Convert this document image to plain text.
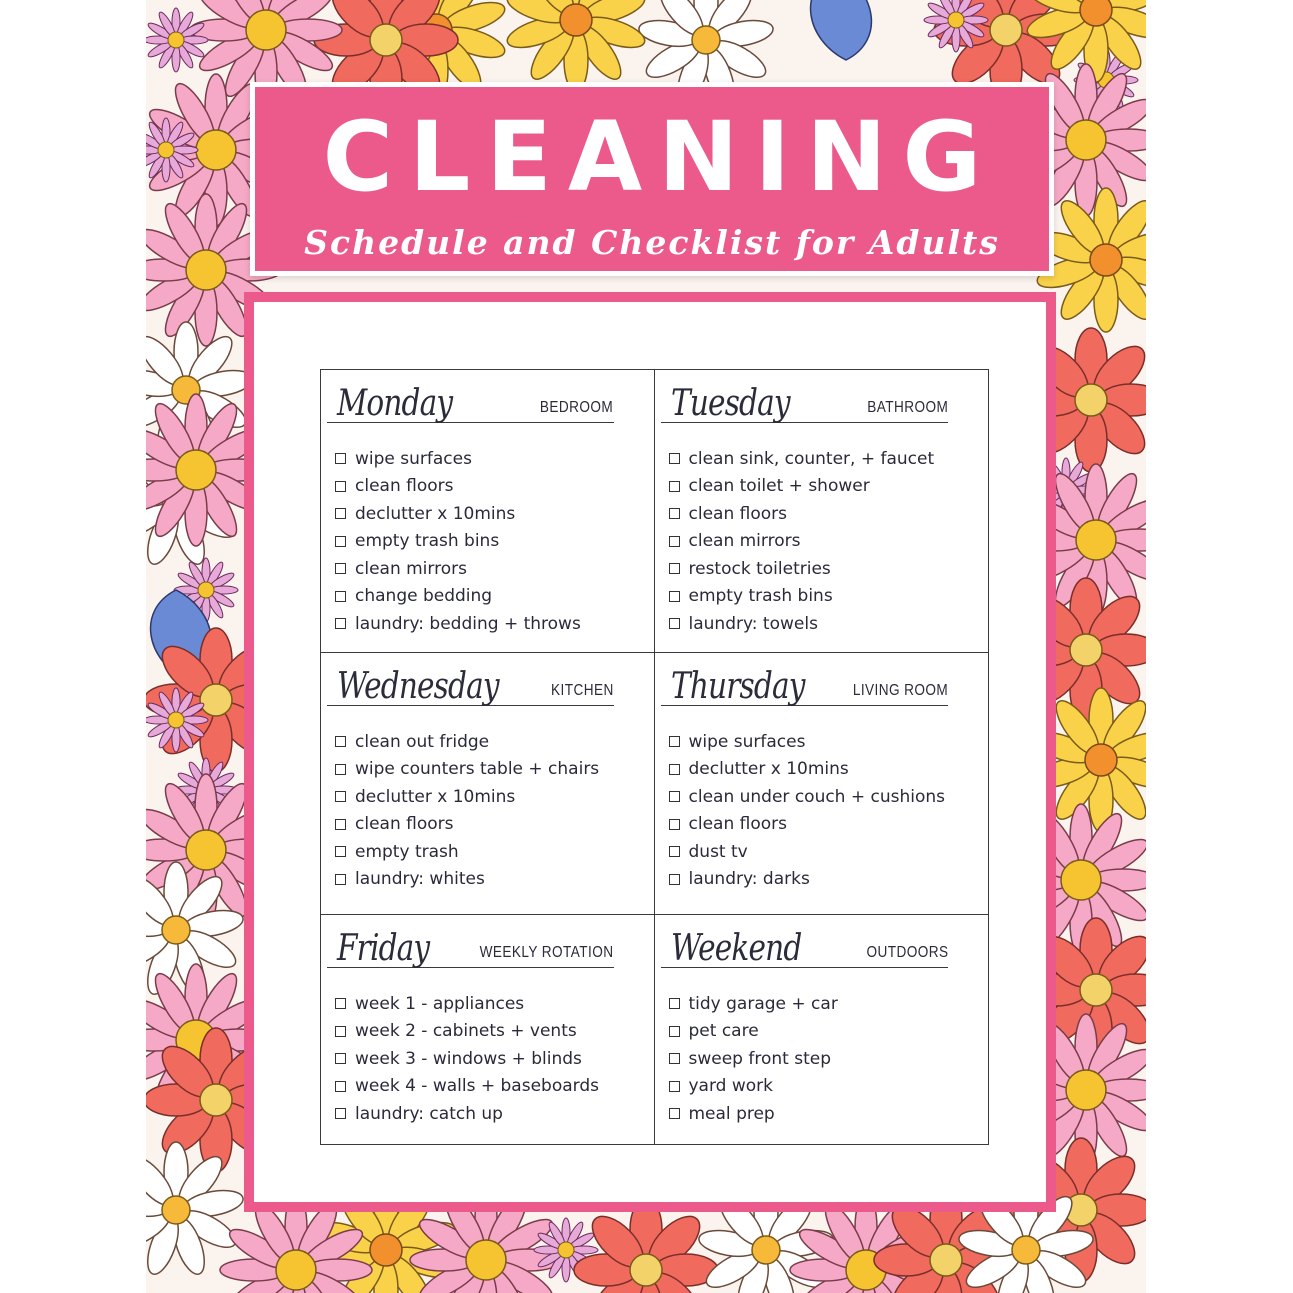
CLEANING
Schedule and Checklist for Adults
Monday	BEDROOM
wipe surfaces
clean floors
declutter x 10mins
empty trash bins
clean mirrors
change bedding
laundry: bedding + throws
Tuesday	BATHROOM
clean sink, counter, + faucet
clean toilet + shower
clean floors
clean mirrors
restock toiletries
empty trash bins
laundry: towels
Wednesday	KITCHEN
clean out fridge
wipe counters table + chairs
declutter x 10mins
clean floors
empty trash
laundry: whites
Thursday	LIVING ROOM
wipe surfaces
declutter x 10mins
clean under couch + cushions
clean floors
dust tv
laundry: darks
Friday	WEEKLY ROTATION
week 1 - appliances
week 2 - cabinets + vents
week 3 - windows + blinds
week 4 - walls + baseboards
laundry: catch up
Weekend	OUTDOORS
tidy garage + car
pet care
sweep front step
yard work
meal prep
